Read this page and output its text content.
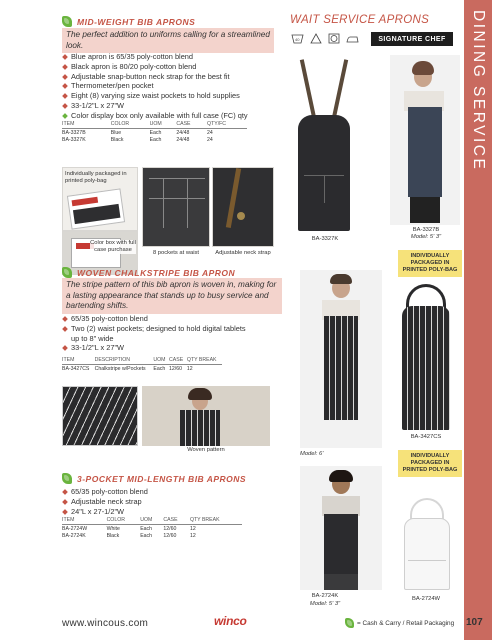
DINING SERVICE
WAIT SERVICE APRONS
40	SIGNATURE CHEF
MID-WEIGHT BIB APRONS
The perfect addition to uniforms calling for a streamlined look.
Blue apron is 65/35 poly-cotton blend
Black apron is 80/20 poly-cotton blend
Adjustable snap-button neck strap for the best fit
Thermometer/pen pocket
Eight (8) varying size waist pockets to hold supplies
33-1/2"L x 27"W
Color display box only available with full case (FC) qty
ITEM	COLOR	UOM	CASE	QTY/FC
BA-3327B	Blue	Each	24/48	24
BA-3327K	Black	Each	24/48	24
Individually packaged in printed poly-bag
Color box with full case purchase	8 pockets at waist	Adjustable neck strap
BA-3327K
BA-3327B
Model: 5' 3"
INDIVIDUALLY PACKAGED IN PRINTED POLY-BAG
WOVEN CHALKSTRIPE BIB APRON
The stripe pattern of this bib apron is woven in, making for a lasting appearance that stands up to busy service and bartending shifts.
65/35 poly-cotton blend
Two (2) waist pockets; designed to hold digital tablets up to 8" wide
33-1/2"L x 27"W
ITEM	DESCRIPTION	UOM	CASE	QTY BREAK
BA-3427CS	Chalkstripe w/Pockets	Each	12/60	12
Woven pattern
Model: 6'
BA-3427CS
INDIVIDUALLY PACKAGED IN PRINTED POLY-BAG
3-POCKET MID-LENGTH BIB APRONS
65/35 poly-cotton blend
Adjustable neck strap
24"L x 27-1/2"W
ITEM	COLOR	UOM	CASE	QTY BREAK
BA-2724W	White	Each	12/60	12
BA-2724K	Black	Each	12/60	12
BA-2724K
Model: 5' 3"
BA-2724W
www.wincous.com	winco	= Cash & Carry / Retail Packaging 107
